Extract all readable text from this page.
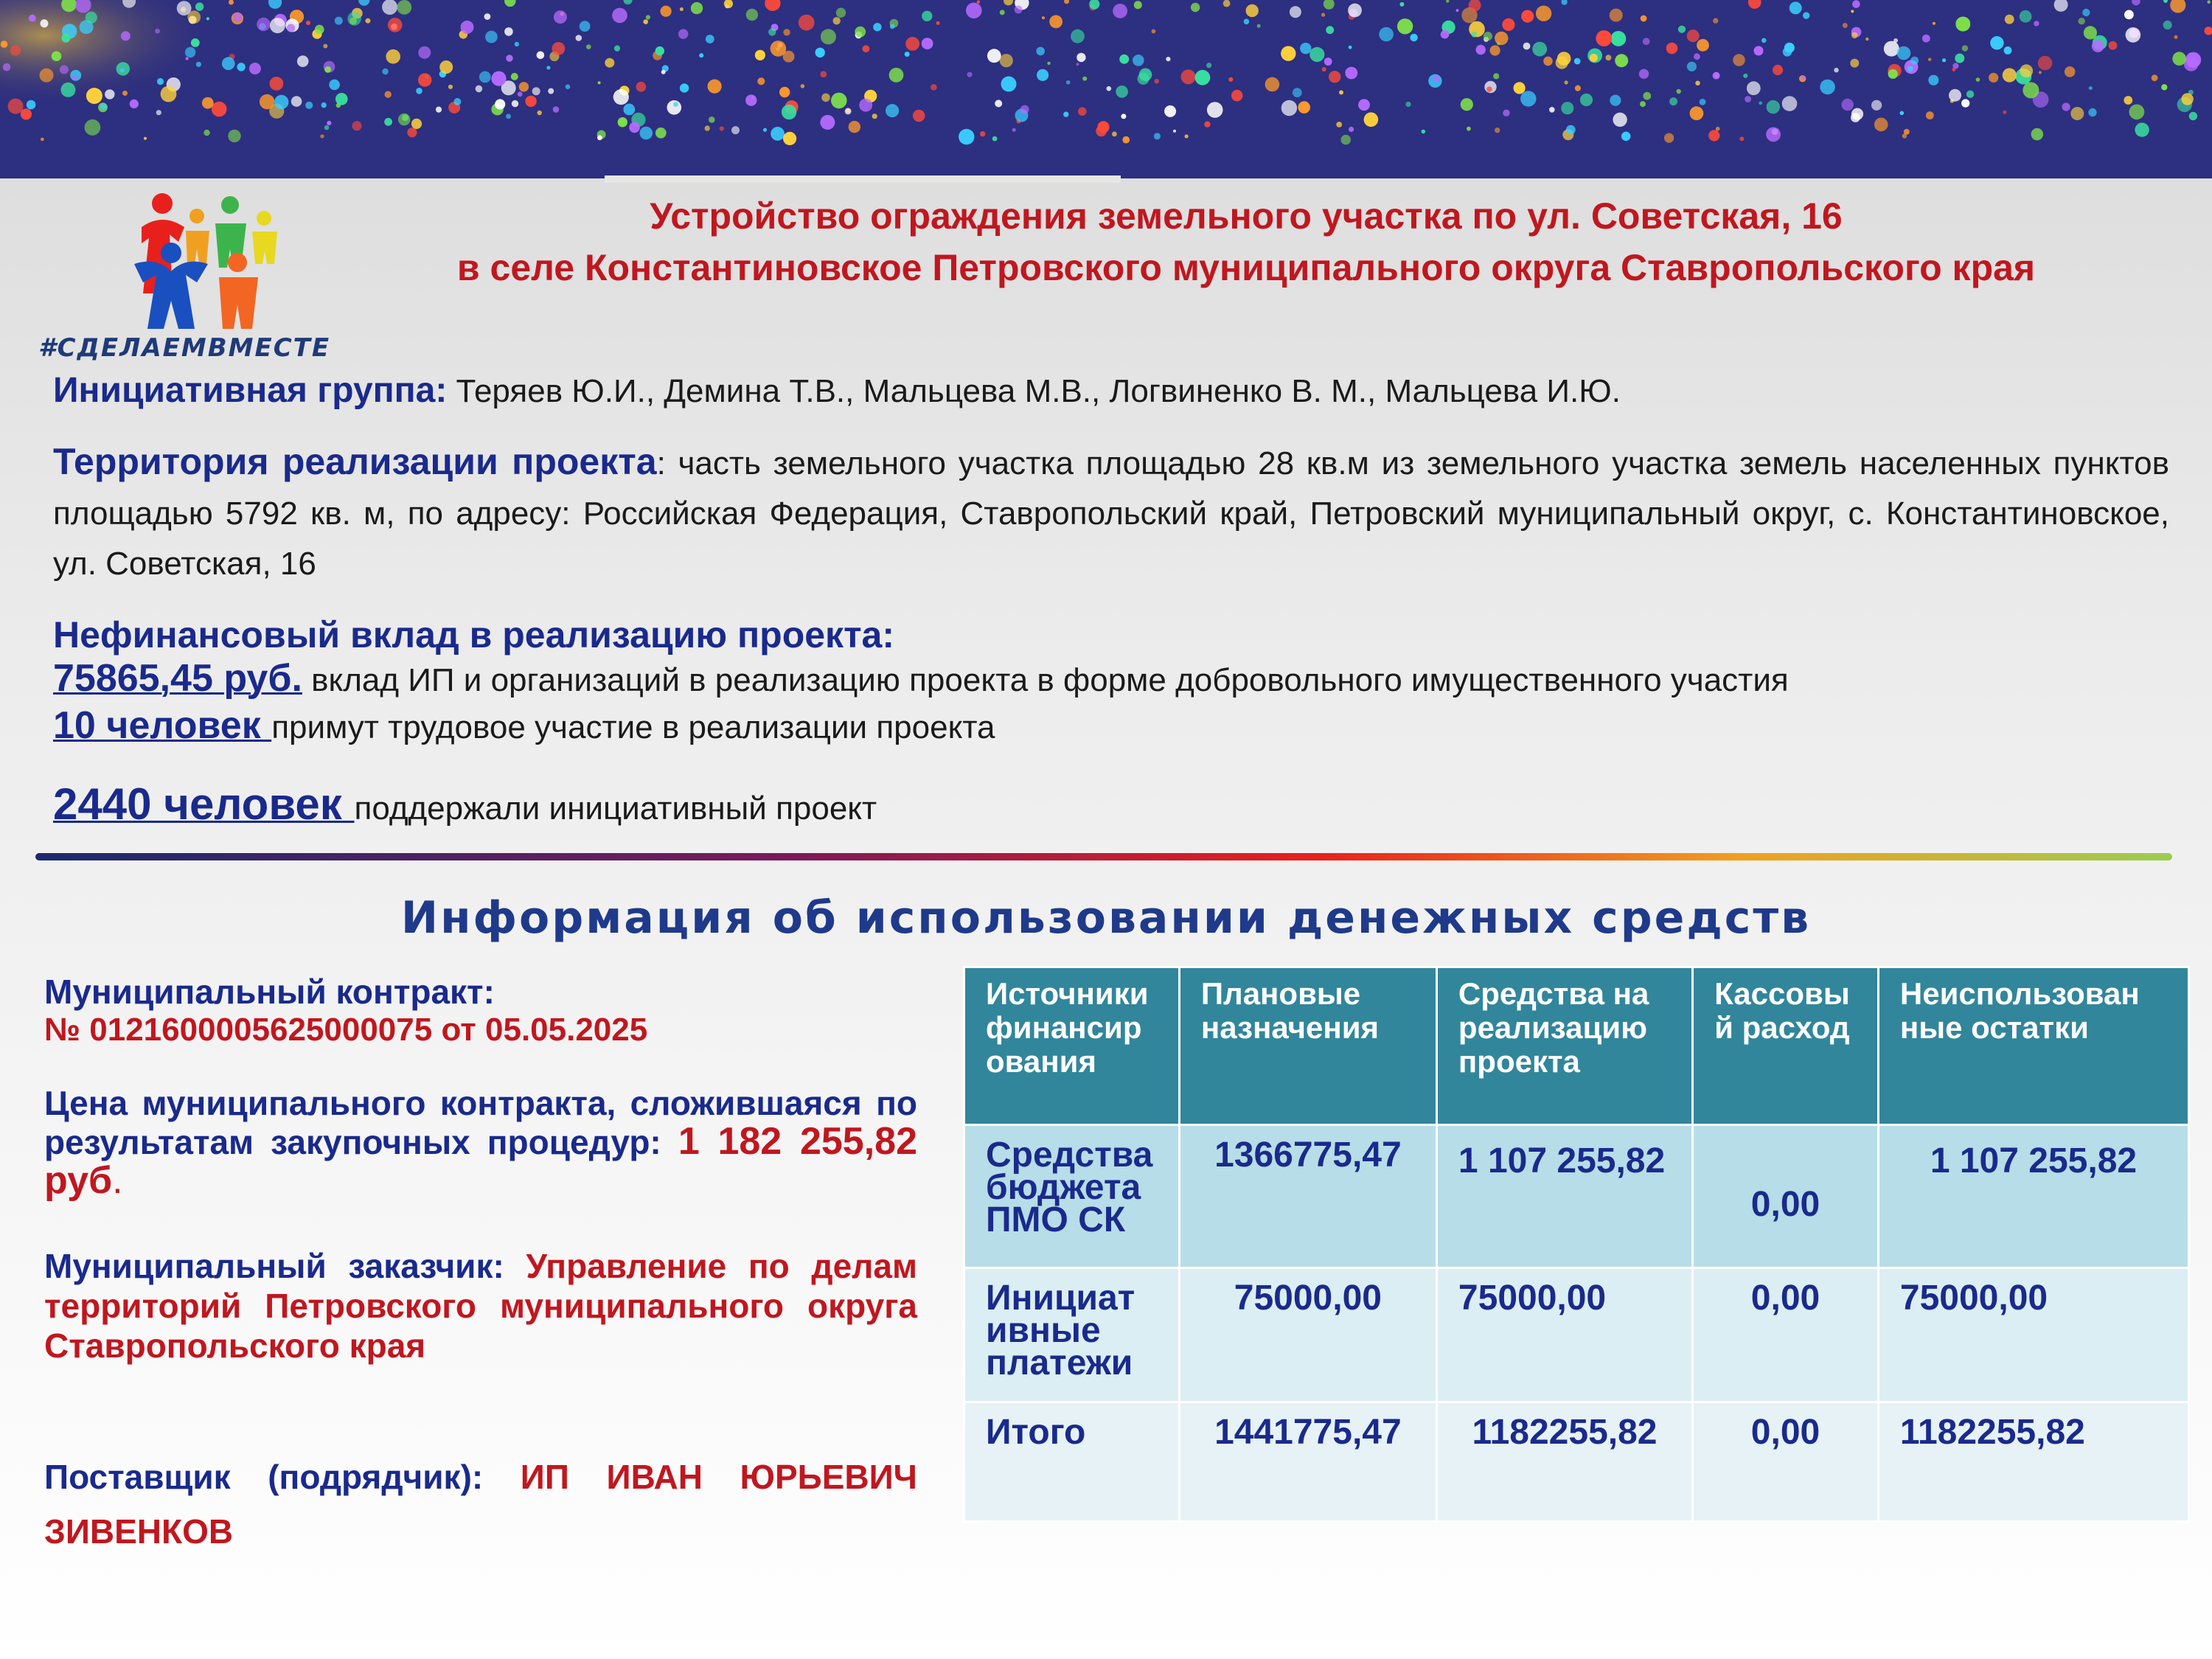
#СДЕЛАЕМВМЕСТЕ
Устройство ограждения земельного участка по ул. Советская, 16
в селе Константиновское Петровского муниципального округа Ставропольского края
Инициативная группа: Теряев Ю.И., Демина Т.В., Мальцева М.В., Логвиненко В. М., Мальцева И.Ю.
Территория реализации проекта: часть земельного участка площадью 28 кв.м из земельного участка земель населенных пунктов площадью 5792 кв. м, по адресу: Российская Федерация, Ставропольский край, Петровский муниципальный округ, с. Константиновское, ул. Советская, 16
Нефинансовый вклад в реализацию проекта:
75865,45 руб. вклад ИП и организаций в реализацию проекта в форме добровольного имущественного участия
10 человек примут трудовое участие в реализации проекта
2440 человек поддержали инициативный проект
Информация об использовании денежных средств
Муниципальный контракт:
№ 0121600005625000075 от 05.05.2025
Цена муниципального контракта, сложившаяся по результатам закупочных процедур: 1 182 255,82 руб.
Муниципальный заказчик: Управление по делам территорий Петровского муниципального округа Ставропольского края
Поставщик (подрядчик): ИП ИВАН ЮРЬЕВИЧ ЗИВЕНКОВ
Источники финансир ования	Плановые назначения	Средства на реализацию проекта	Кассовы й расход	Неиспользован ные остатки
Средства бюджета ПМО СК	1366775,47	1 107 255,82	0,00	1 107 255,82
Инициат ивные платежи	75000,00	75000,00	0,00	75000,00
Итого	1441775,47	1182255,82	0,00	1182255,82
